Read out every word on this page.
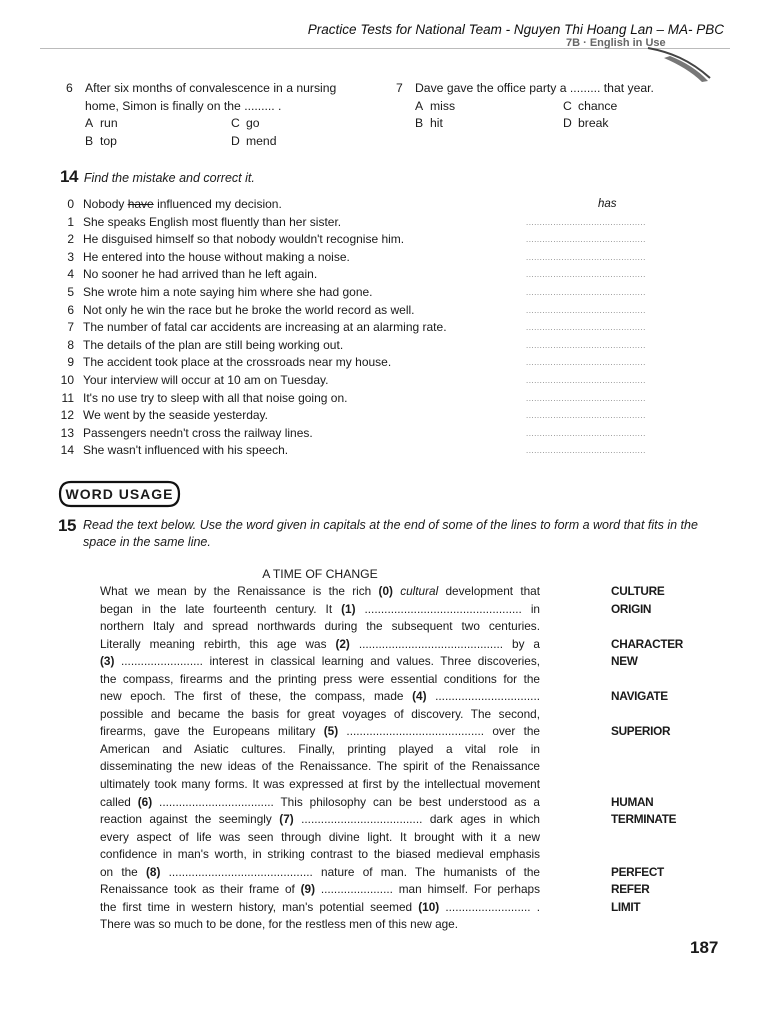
Practice Tests for National Team - Nguyen Thi Hoang Lan – MA- PBC
7B · English in Use
6 After six months of convalescence in a nursing
home, Simon is finally on the ......... .
A run	C go
B top	D mend
7 Dave gave the office party a ......... that year.
A miss	C chance
B hit	D break
14 Find the mistake and correct it.
0 Nobody have influenced my decision.	has
1 She speaks English most fluently than her sister.	............................................
2 He disguised himself so that nobody wouldn't recognise him.	............................................
3 He entered into the house without making a noise.	............................................
4 No sooner he had arrived than he left again.	............................................
5 She wrote him a note saying him where she had gone.	............................................
6 Not only he win the race but he broke the world record as well.	............................................
7 The number of fatal car accidents are increasing at an alarming rate.	............................................
8 The details of the plan are still being working out.	............................................
9 The accident took place at the crossroads near my house.	............................................
10 Your interview will occur at 10 am on Tuesday.	............................................
11 It's no use try to sleep with all that noise going on.	............................................
12 We went by the seaside yesterday.	............................................
13 Passengers needn't cross the railway lines.	............................................
14 She wasn't influenced with his speech.	............................................
WORD USAGE
15 Read the text below. Use the word given in capitals at the end of some of the lines to form a word that fits in the space in the same line.
A TIME OF CHANGE
What we mean by the Renaissance is the rich (0) cultural development that
began in the late fourteenth century. It (1) ................................................ in
northern Italy and spread northwards during the subsequent two centuries.
Literally meaning rebirth, this age was (2) ............................................ by a
(3) ......................... interest in classical learning and values. Three discoveries,
the compass, firearms and the printing press were essential conditions for the
new epoch. The first of these, the compass, made (4) ................................
possible and became the basis for great voyages of discovery. The second,
firearms, gave the Europeans military (5) .......................................... over the
American and Asiatic cultures. Finally, printing played a vital role in
disseminating the new ideas of the Renaissance. The spirit of the Renaissance
ultimately took many forms. It was expressed at first by the intellectual movement
called (6) ................................... This philosophy can be best understood as a
reaction against the seemingly (7) ..................................... dark ages in which
every aspect of life was seen through divine light. It brought with it a new
confidence in man's worth, in striking contrast to the biased medieval emphasis
on the (8) ............................................ nature of man. The humanists of the
Renaissance took as their frame of (9) ...................... man himself. For perhaps
the first time in western history, man's potential seemed (10) .......................... .
There was so much to be done, for the restless men of this new age.
CULTURE
ORIGIN
CHARACTER
NEW
NAVIGATE
SUPERIOR
HUMAN
TERMINATE
PERFECT
REFER
LIMIT
187
